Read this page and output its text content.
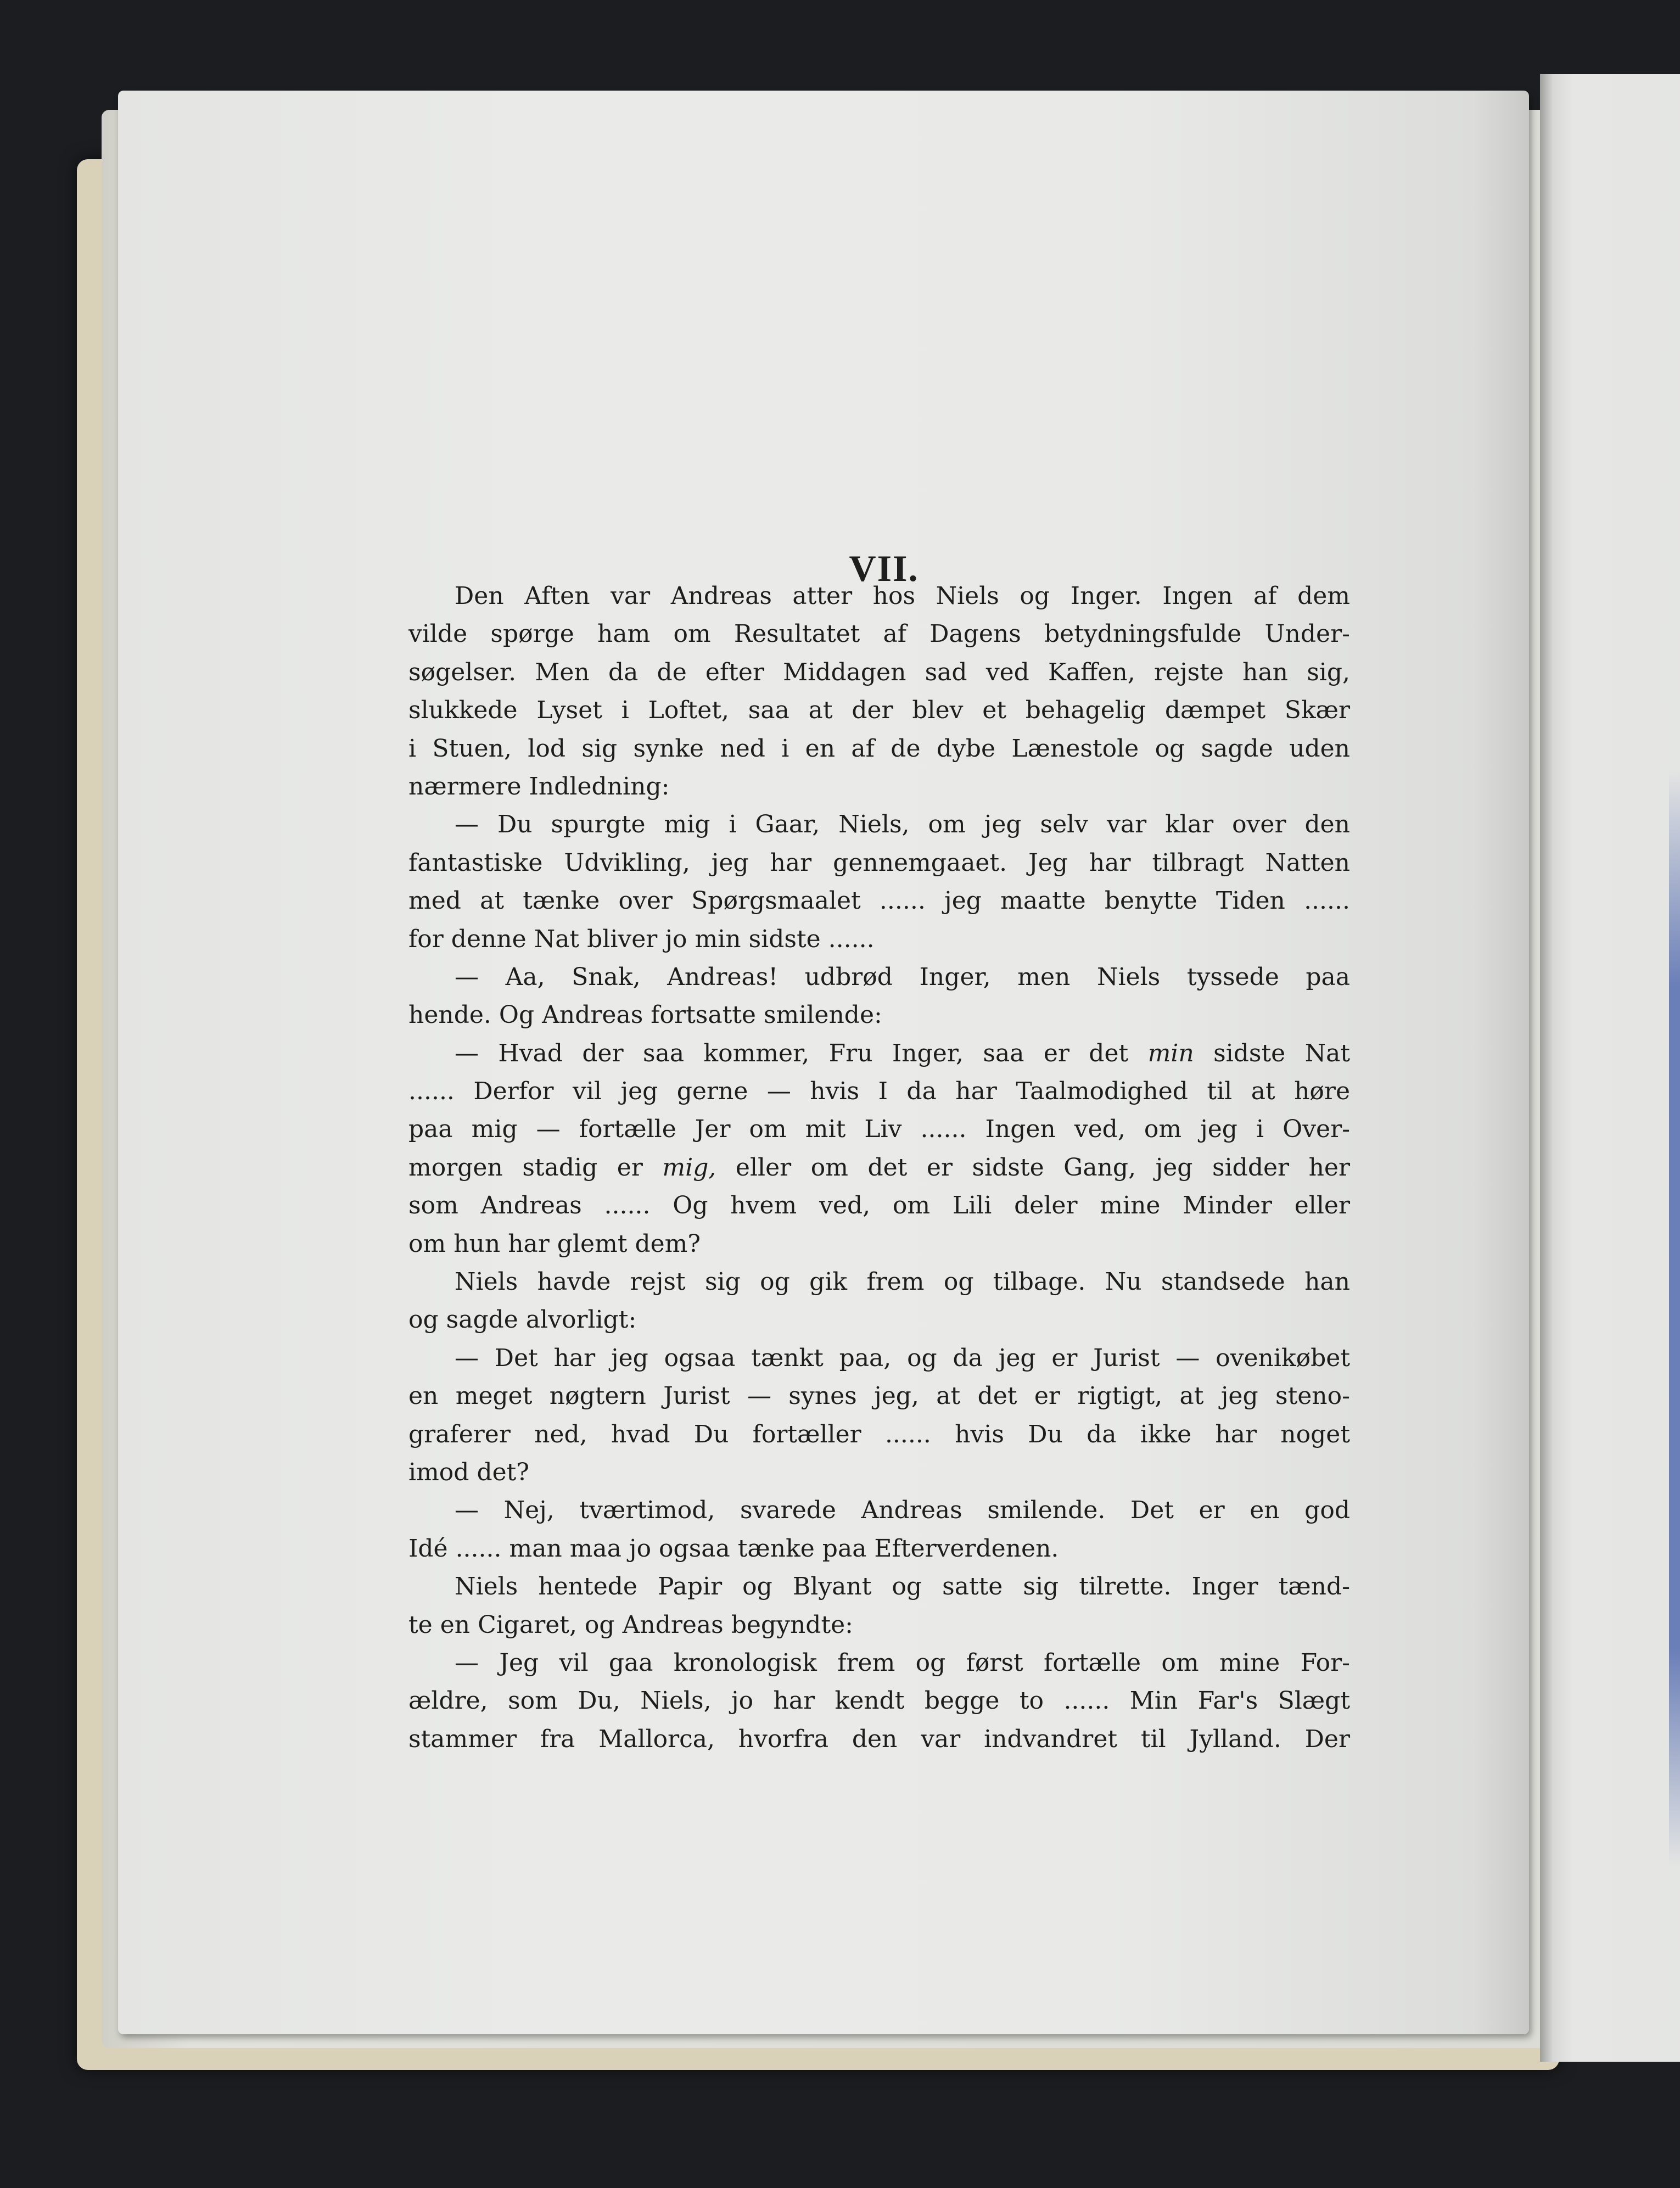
VII.
Den Aften var Andreas atter hos Niels og Inger. Ingen af dem
vilde spørge ham om Resultatet af Dagens betydningsfulde Under-
søgelser. Men da de efter Middagen sad ved Kaffen, rejste han sig,
slukkede Lyset i Loftet, saa at der blev et behagelig dæmpet Skær
i Stuen, lod sig synke ned i en af de dybe Lænestole og sagde uden
nærmere Indledning:
— Du spurgte mig i Gaar, Niels, om jeg selv var klar over den
fantastiske Udvikling, jeg har gennemgaaet. Jeg har tilbragt Natten
med at tænke over Spørgsmaalet ...... jeg maatte benytte Tiden ......
for denne Nat bliver jo min sidste ......
— Aa, Snak, Andreas! udbrød Inger, men Niels tyssede paa
hende. Og Andreas fortsatte smilende:
— Hvad der saa kommer, Fru Inger, saa er det min sidste Nat
...... Derfor vil jeg gerne — hvis I da har Taalmodighed til at høre
paa mig — fortælle Jer om mit Liv ...... Ingen ved, om jeg i Over-
morgen stadig er mig, eller om det er sidste Gang, jeg sidder her
som Andreas ...... Og hvem ved, om Lili deler mine Minder eller
om hun har glemt dem?
Niels havde rejst sig og gik frem og tilbage. Nu standsede han
og sagde alvorligt:
— Det har jeg ogsaa tænkt paa, og da jeg er Jurist — ovenikøbet
en meget nøgtern Jurist — synes jeg, at det er rigtigt, at jeg steno-
graferer ned, hvad Du fortæller ...... hvis Du da ikke har noget
imod det?
— Nej, tværtimod, svarede Andreas smilende. Det er en god
Idé ...... man maa jo ogsaa tænke paa Efterverdenen.
Niels hentede Papir og Blyant og satte sig tilrette. Inger tænd-
te en Cigaret, og Andreas begyndte:
— Jeg vil gaa kronologisk frem og først fortælle om mine For-
ældre, som Du, Niels, jo har kendt begge to ...... Min Far's Slægt
stammer fra Mallorca, hvorfra den var indvandret til Jylland. Der
